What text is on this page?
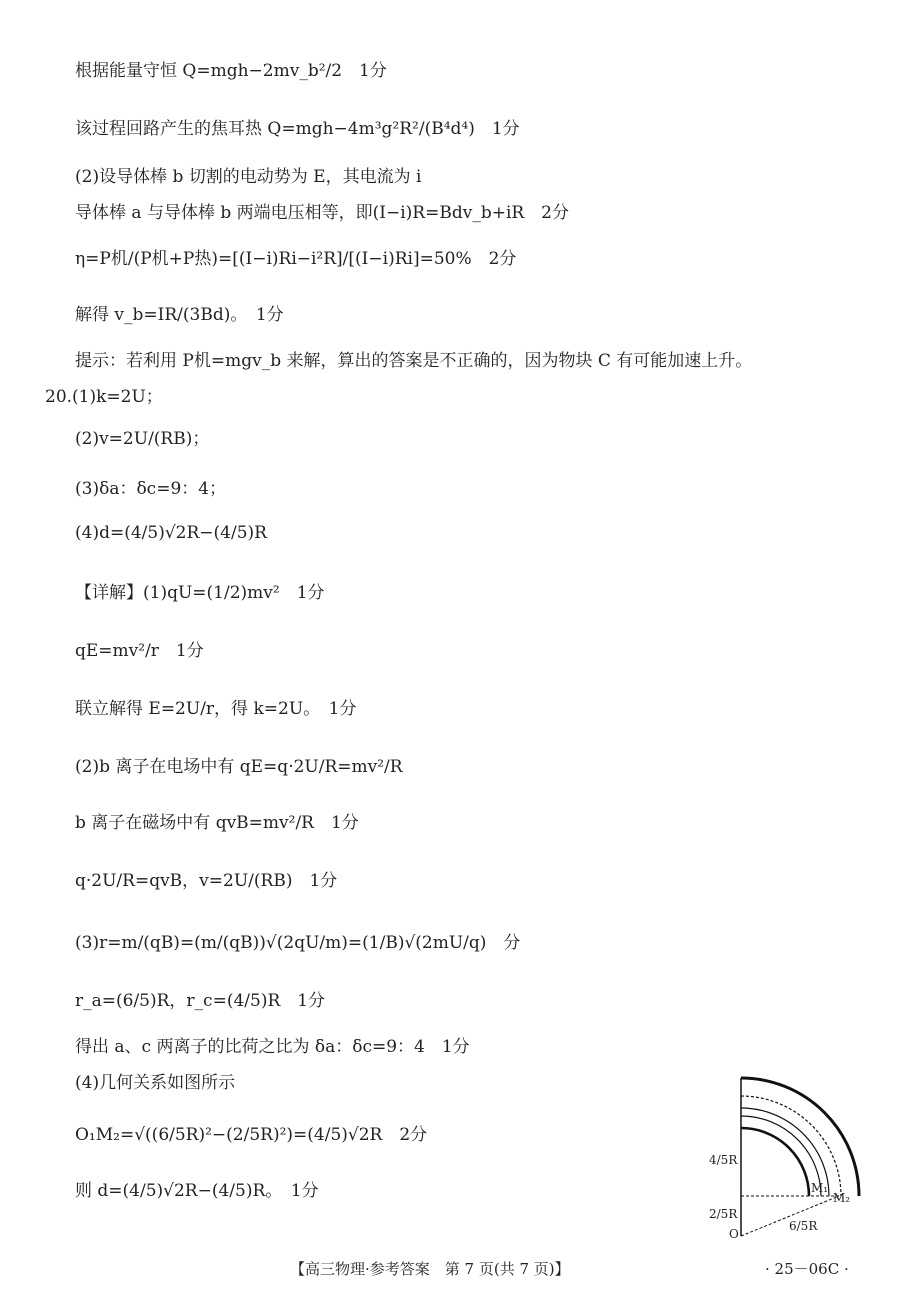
根据能量守恒 Q=mgh−2mv_b²/2　1分
该过程回路产生的焦耳热 Q=mgh−4m³g²R²/(B⁴d⁴)　1分
(2)设导体棒 b 切割的电动势为 E，其电流为 i
导体棒 a 与导体棒 b 两端电压相等，即(I−i)R=Bdv_b+iR　2分
η=P机/(P机+P热)=[(I−i)Ri−i²R]/[(I−i)Ri]=50%　2分
解得 v_b=IR/(3Bd)。　1分
提示：若利用 P机=mgv_b 来解，算出的答案是不正确的，因为物块 C 有可能加速上升。
20.(1)k=2U；
(2)v=2U/(RB)；
(3)δa：δc=9：4；
(4)d=(4/5)√2R−(4/5)R
【详解】(1)qU=(1/2)mv²　1分
qE=mv²/r　1分
联立解得 E=2U/r，得 k=2U。　1分
(2)b 离子在电场中有 qE=q·2U/R=mv²/R
b 离子在磁场中有 qvB=mv²/R　1分
q·2U/R=qvB，v=2U/(RB)　1分
(3)r=m/(qB)=(m/(qB))√(2qU/m)=(1/B)√(2mU/q)　分
r_a=(6/5)R，r_c=(4/5)R　1分
得出 a、c 两离子的比荷之比为 δa：δc=9：4　1分
(4)几何关系如图所示
O₁M₂=√((6/5R)²−(2/5R)²)=(4/5)√2R　2分
则 d=(4/5)√2R−(4/5)R。　1分
4/5R
2/5R
6/5R
M₁
M₂
O
【高三物理·参考答案　第 7 页(共 7 页)】	· 25－06C ·
